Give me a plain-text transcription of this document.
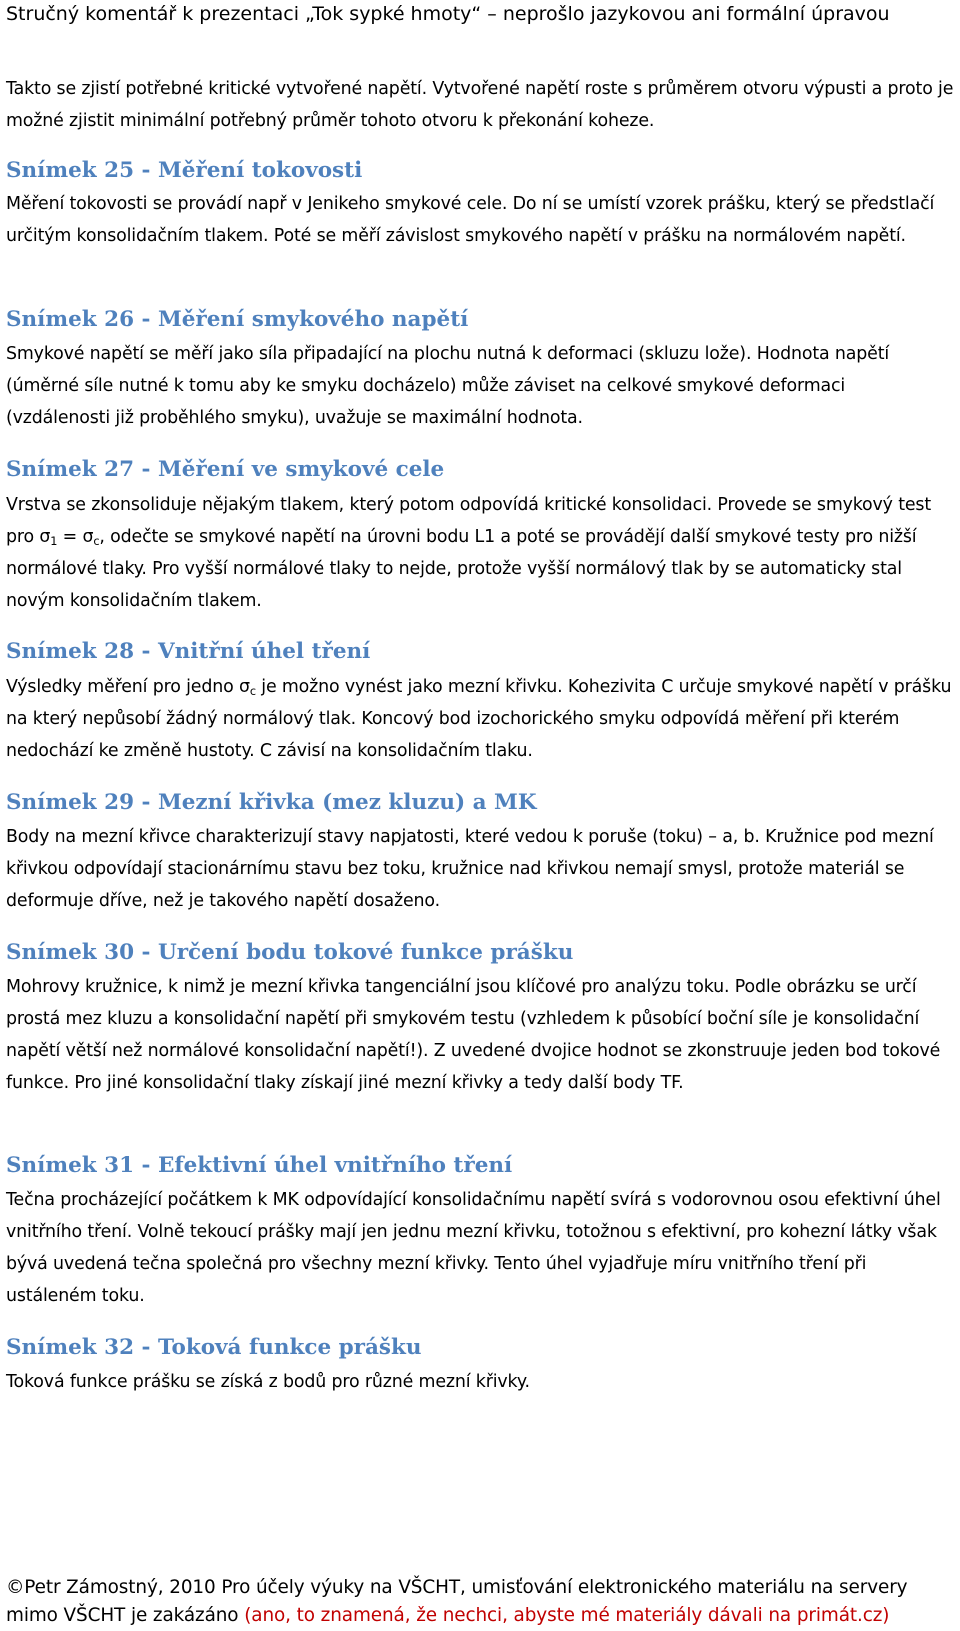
Stručný komentář k prezentaci „Tok sypké hmoty“ – neprošlo jazykovou ani formální úpravou
Takto se zjistí potřebné kritické vytvořené napětí. Vytvořené napětí roste s průměrem otvoru výpusti a proto je možné zjistit minimální potřebný průměr tohoto otvoru k překonání koheze.
Snímek 25 - Měření tokovosti
Měření tokovosti se provádí např v Jenikeho smykové cele. Do ní se umístí vzorek prášku, který se předstlačí určitým konsolidačním tlakem. Poté se měří závislost smykového napětí v prášku na normálovém napětí.
Snímek 26 - Měření smykového napětí
Smykové napětí se měří jako síla připadající na plochu nutná k deformaci (skluzu lože). Hodnota napětí (úměrné síle nutné k tomu aby ke smyku docházelo) může záviset na celkové smykové deformaci (vzdálenosti již proběhlého smyku), uvažuje se maximální hodnota.
Snímek 27 - Měření ve smykové cele
Vrstva se zkonsoliduje nějakým tlakem, který potom odpovídá kritické konsolidaci. Provede se smykový test pro $\sigma_1 = \sigma_c$, odečte se smykové napětí na úrovni bodu L1 a poté se provádějí další smykové testy pro nižší normálové tlaky. Pro vyšší normálové tlaky to nejde, protože vyšší normálový tlak by se automaticky stal novým konsolidačním tlakem.
Snímek 28 - Vnitřní úhel tření
Výsledky měření pro jedno $\sigma_c$ je možno vynést jako mezní křivku. Kohezivita C určuje smykové napětí v prášku na který nepůsobí žádný normálový tlak. Koncový bod izochorického smyku odpovídá měření při kterém nedochází ke změně hustoty. C závisí na konsolidačním tlaku.
Snímek 29 - Mezní křivka (mez kluzu) a MK
Body na mezní křivce charakterizují stavy napjatosti, které vedou k poruše (toku) – a, b. Kružnice pod mezní křivkou odpovídají stacionárnímu stavu bez toku, kružnice nad křivkou nemají smysl, protože materiál se deformuje dříve, než je takového napětí dosaženo.
Snímek 30 - Určení bodu tokové funkce prášku
Mohrovy kružnice, k nimž je mezní křivka tangenciální jsou klíčové pro analýzu toku. Podle obrázku se určí prostá mez kluzu a konsolidační napětí při smykovém testu (vzhledem k působící boční síle je konsolidační napětí větší než normálové konsolidační napětí!). Z uvedené dvojice hodnot se zkonstruuje jeden bod tokové funkce. Pro jiné konsolidační tlaky získají jiné mezní křivky a tedy další body TF.
Snímek 31 - Efektivní úhel vnitřního tření
Tečna procházející počátkem k MK odpovídající konsolidačnímu napětí svírá s vodorovnou osou efektivní úhel vnitřního tření. Volně tekoucí prášky mají jen jednu mezní křivku, totožnou s efektivní, pro kohezní látky však bývá uvedená tečna společná pro všechny mezní křivky. Tento úhel vyjadřuje míru vnitřního tření při ustáleném toku.
Snímek 32 - Toková funkce prášku
Toková funkce prášku se získá z bodů pro různé mezní křivky.
©Petr Zámostný, 2010 Pro účely výuky na VŠCHT, umisťování elektronického materiálu na servery mimo VŠCHT je zakázáno (ano, to znamená, že nechci, abyste mé materiály dávali na primát.cz)
